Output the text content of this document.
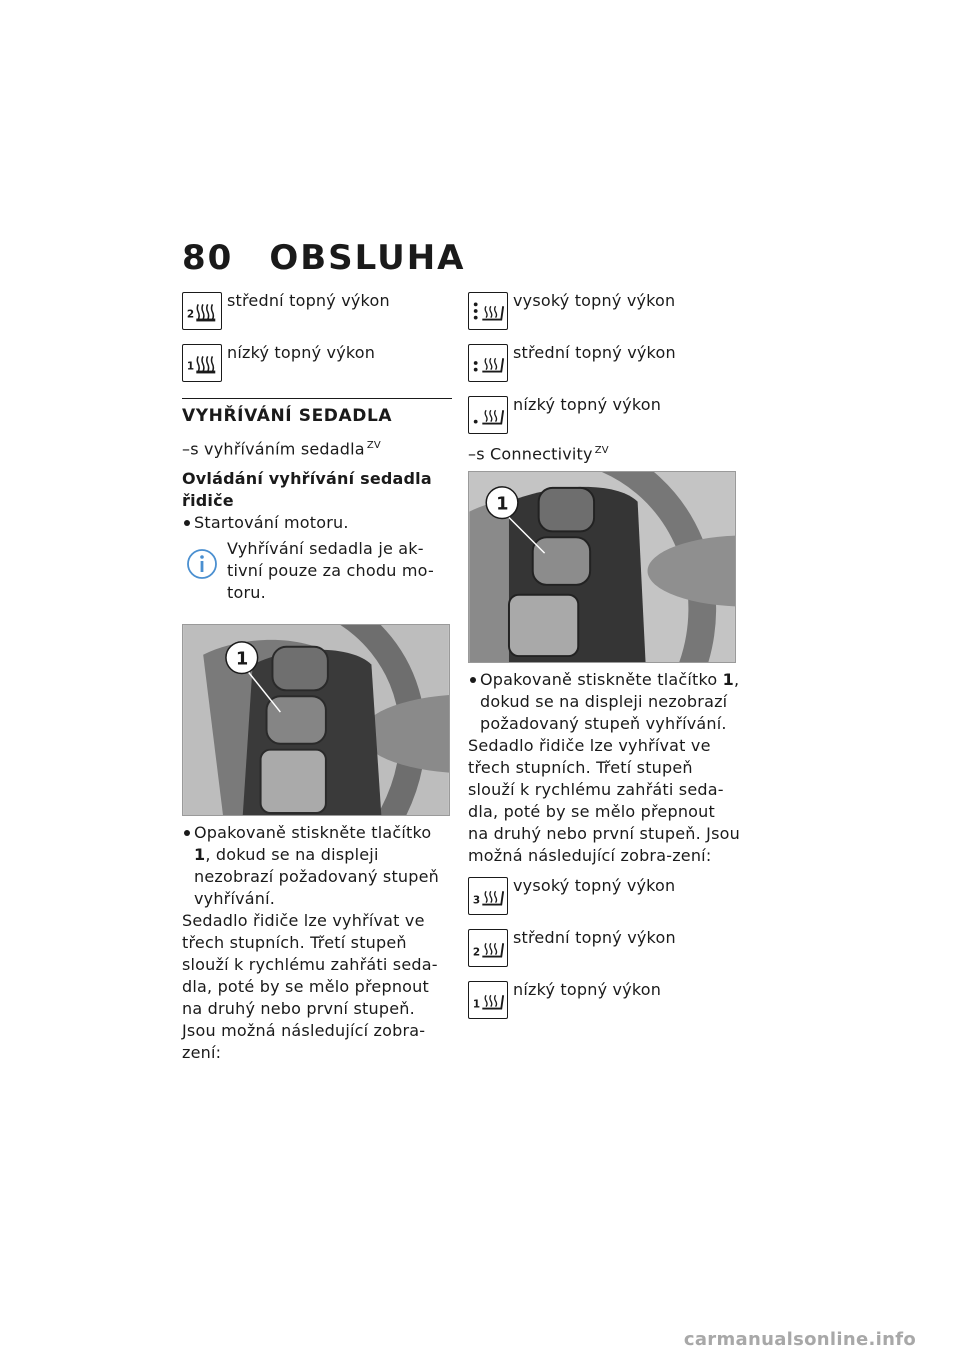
80 OBSLUHA
2
střední topný výkon
1
nízký topný výkon
VYHŘÍVÁNÍ SEDADLA
–s vyhříváním sedadla $^{ZV}$
Ovládání vyhřívání sedadla řidiče
Startování motoru.
Vyhřívání sedadla je ak-tivní pouze za chodu mo-toru.
1
Opakovaně stiskněte tlačítko 1, dokud se na displeji nezobrazí požadovaný stupeň vyhřívání.
Sedadlo řidiče lze vyhřívat ve třech stupních. Třetí stupeň slouží k rychlému zahřáti seda-dla, poté by se mělo přepnout na druhý nebo první stupeň. Jsou možná následující zobra-zení:
vysoký topný výkon
střední topný výkon
nízký topný výkon
–s Connectivity $^{ZV}$
1
Opakovaně stiskněte tlačítko 1, dokud se na displeji nezobrazí požadovaný stupeň vyhřívání.
Sedadlo řidiče lze vyhřívat ve třech stupních. Třetí stupeň slouží k rychlému zahřáti seda-dla, poté by se mělo přepnout na druhý nebo první stupeň. Jsou možná následující zobra-zení:
3
vysoký topný výkon
2
střední topný výkon
1
nízký topný výkon
carmanualsonline.info
